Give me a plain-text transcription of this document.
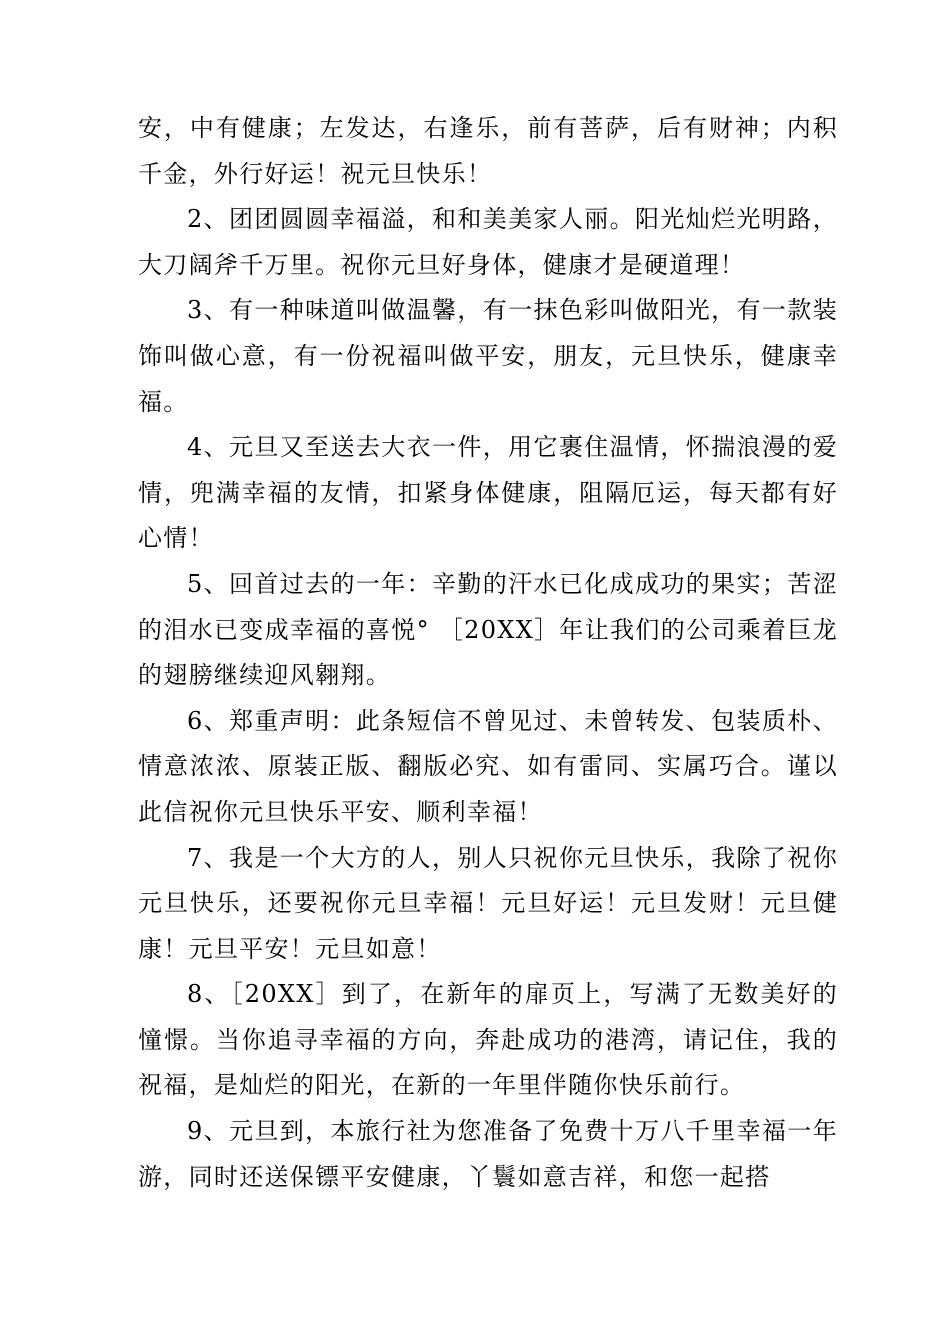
安，中有健康；左发达，右逢乐，前有菩萨，后有财神；内积千金，外行好运！祝元旦快乐！

2、团团圆圆幸福溢，和和美美家人丽。阳光灿烂光明路，大刀阔斧千万里。祝你元旦好身体，健康才是硬道理！

3、有一种味道叫做温馨，有一抹色彩叫做阳光，有一款装饰叫做心意，有一份祝福叫做平安，朋友，元旦快乐，健康幸福。

4、元旦又至送去大衣一件，用它裹住温情，怀揣浪漫的爱情，兜满幸福的友情，扣紧身体健康，阻隔厄运，每天都有好心情！

5、回首过去的一年：辛勤的汗水已化成成功的果实；苦涩的泪水已变成幸福的喜悦° ［20XX］年让我们的公司乘着巨龙的翅膀继续迎风翱翔。

6、郑重声明：此条短信不曾见过、未曾转发、包装质朴、情意浓浓、原装正版、翻版必究、如有雷同、实属巧合。谨以此信祝你元旦快乐平安、顺利幸福！

7、我是一个大方的人，别人只祝你元旦快乐，我除了祝你元旦快乐，还要祝你元旦幸福！元旦好运！元旦发财！元旦健康！元旦平安！元旦如意！

8、［20XX］到了，在新年的扉页上，写满了无数美好的憧憬。当你追寻幸福的方向，奔赴成功的港湾，请记住，我的祝福，是灿烂的阳光，在新的一年里伴随你快乐前行。

9、元旦到，本旅行社为您准备了免费十万八千里幸福一年游，同时还送保镖平安健康，丫鬟如意吉祥，和您一起搭
